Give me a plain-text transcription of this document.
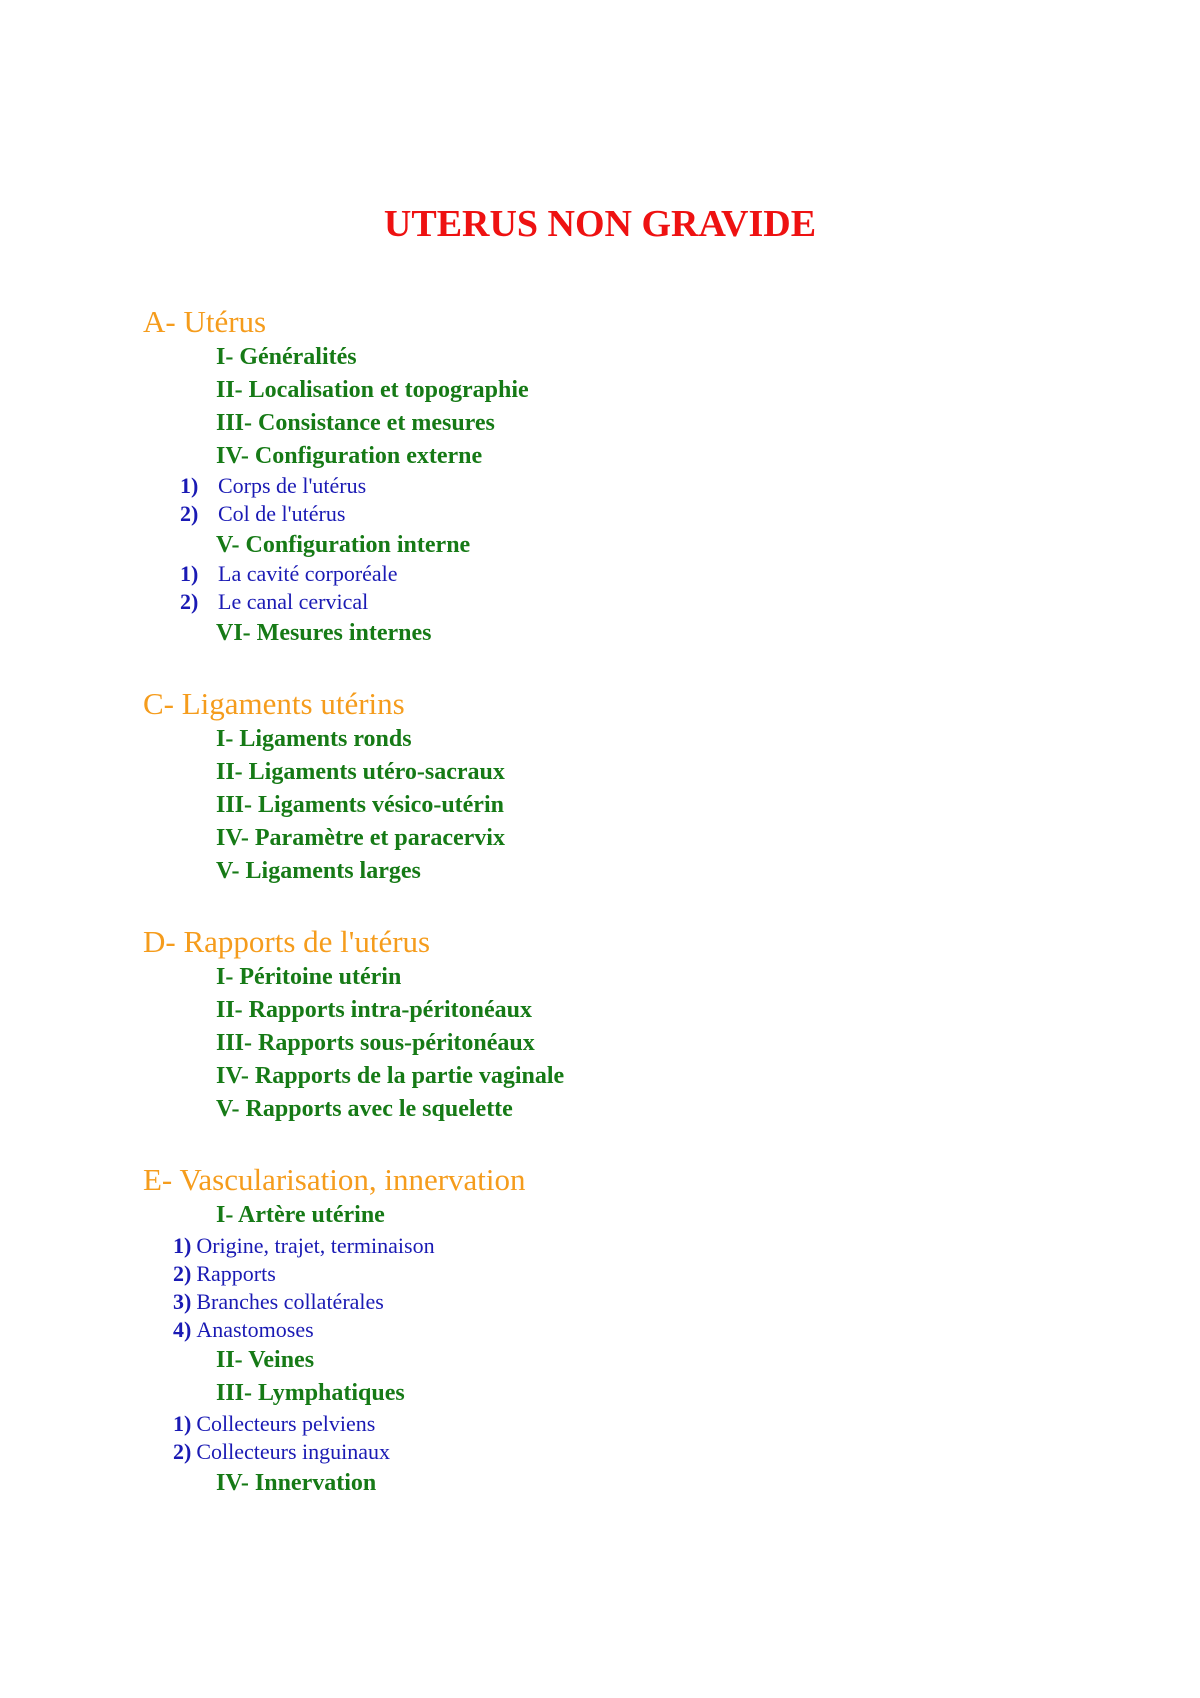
UTERUS NON GRAVIDE
A- Utérus
I- Généralités
II- Localisation et topographie
III- Consistance et mesures
IV- Configuration externe
1) Corps de l'utérus
2) Col de l'utérus
V- Configuration interne
1) La cavité corporéale
2) Le canal cervical
VI- Mesures internes
C- Ligaments utérins
I- Ligaments ronds
II- Ligaments utéro-sacraux
III- Ligaments vésico-utérin
IV- Paramètre et paracervix
V- Ligaments larges
D- Rapports de l'utérus
I- Péritoine utérin
II- Rapports intra-péritonéaux
III- Rapports sous-péritonéaux
IV- Rapports de la partie vaginale
V- Rapports avec le squelette
E- Vascularisation, innervation
I- Artère utérine
1) Origine, trajet, terminaison
2) Rapports
3) Branches collatérales
4) Anastomoses
II- Veines
III- Lymphatiques
1) Collecteurs pelviens
2) Collecteurs inguinaux
IV- Innervation
